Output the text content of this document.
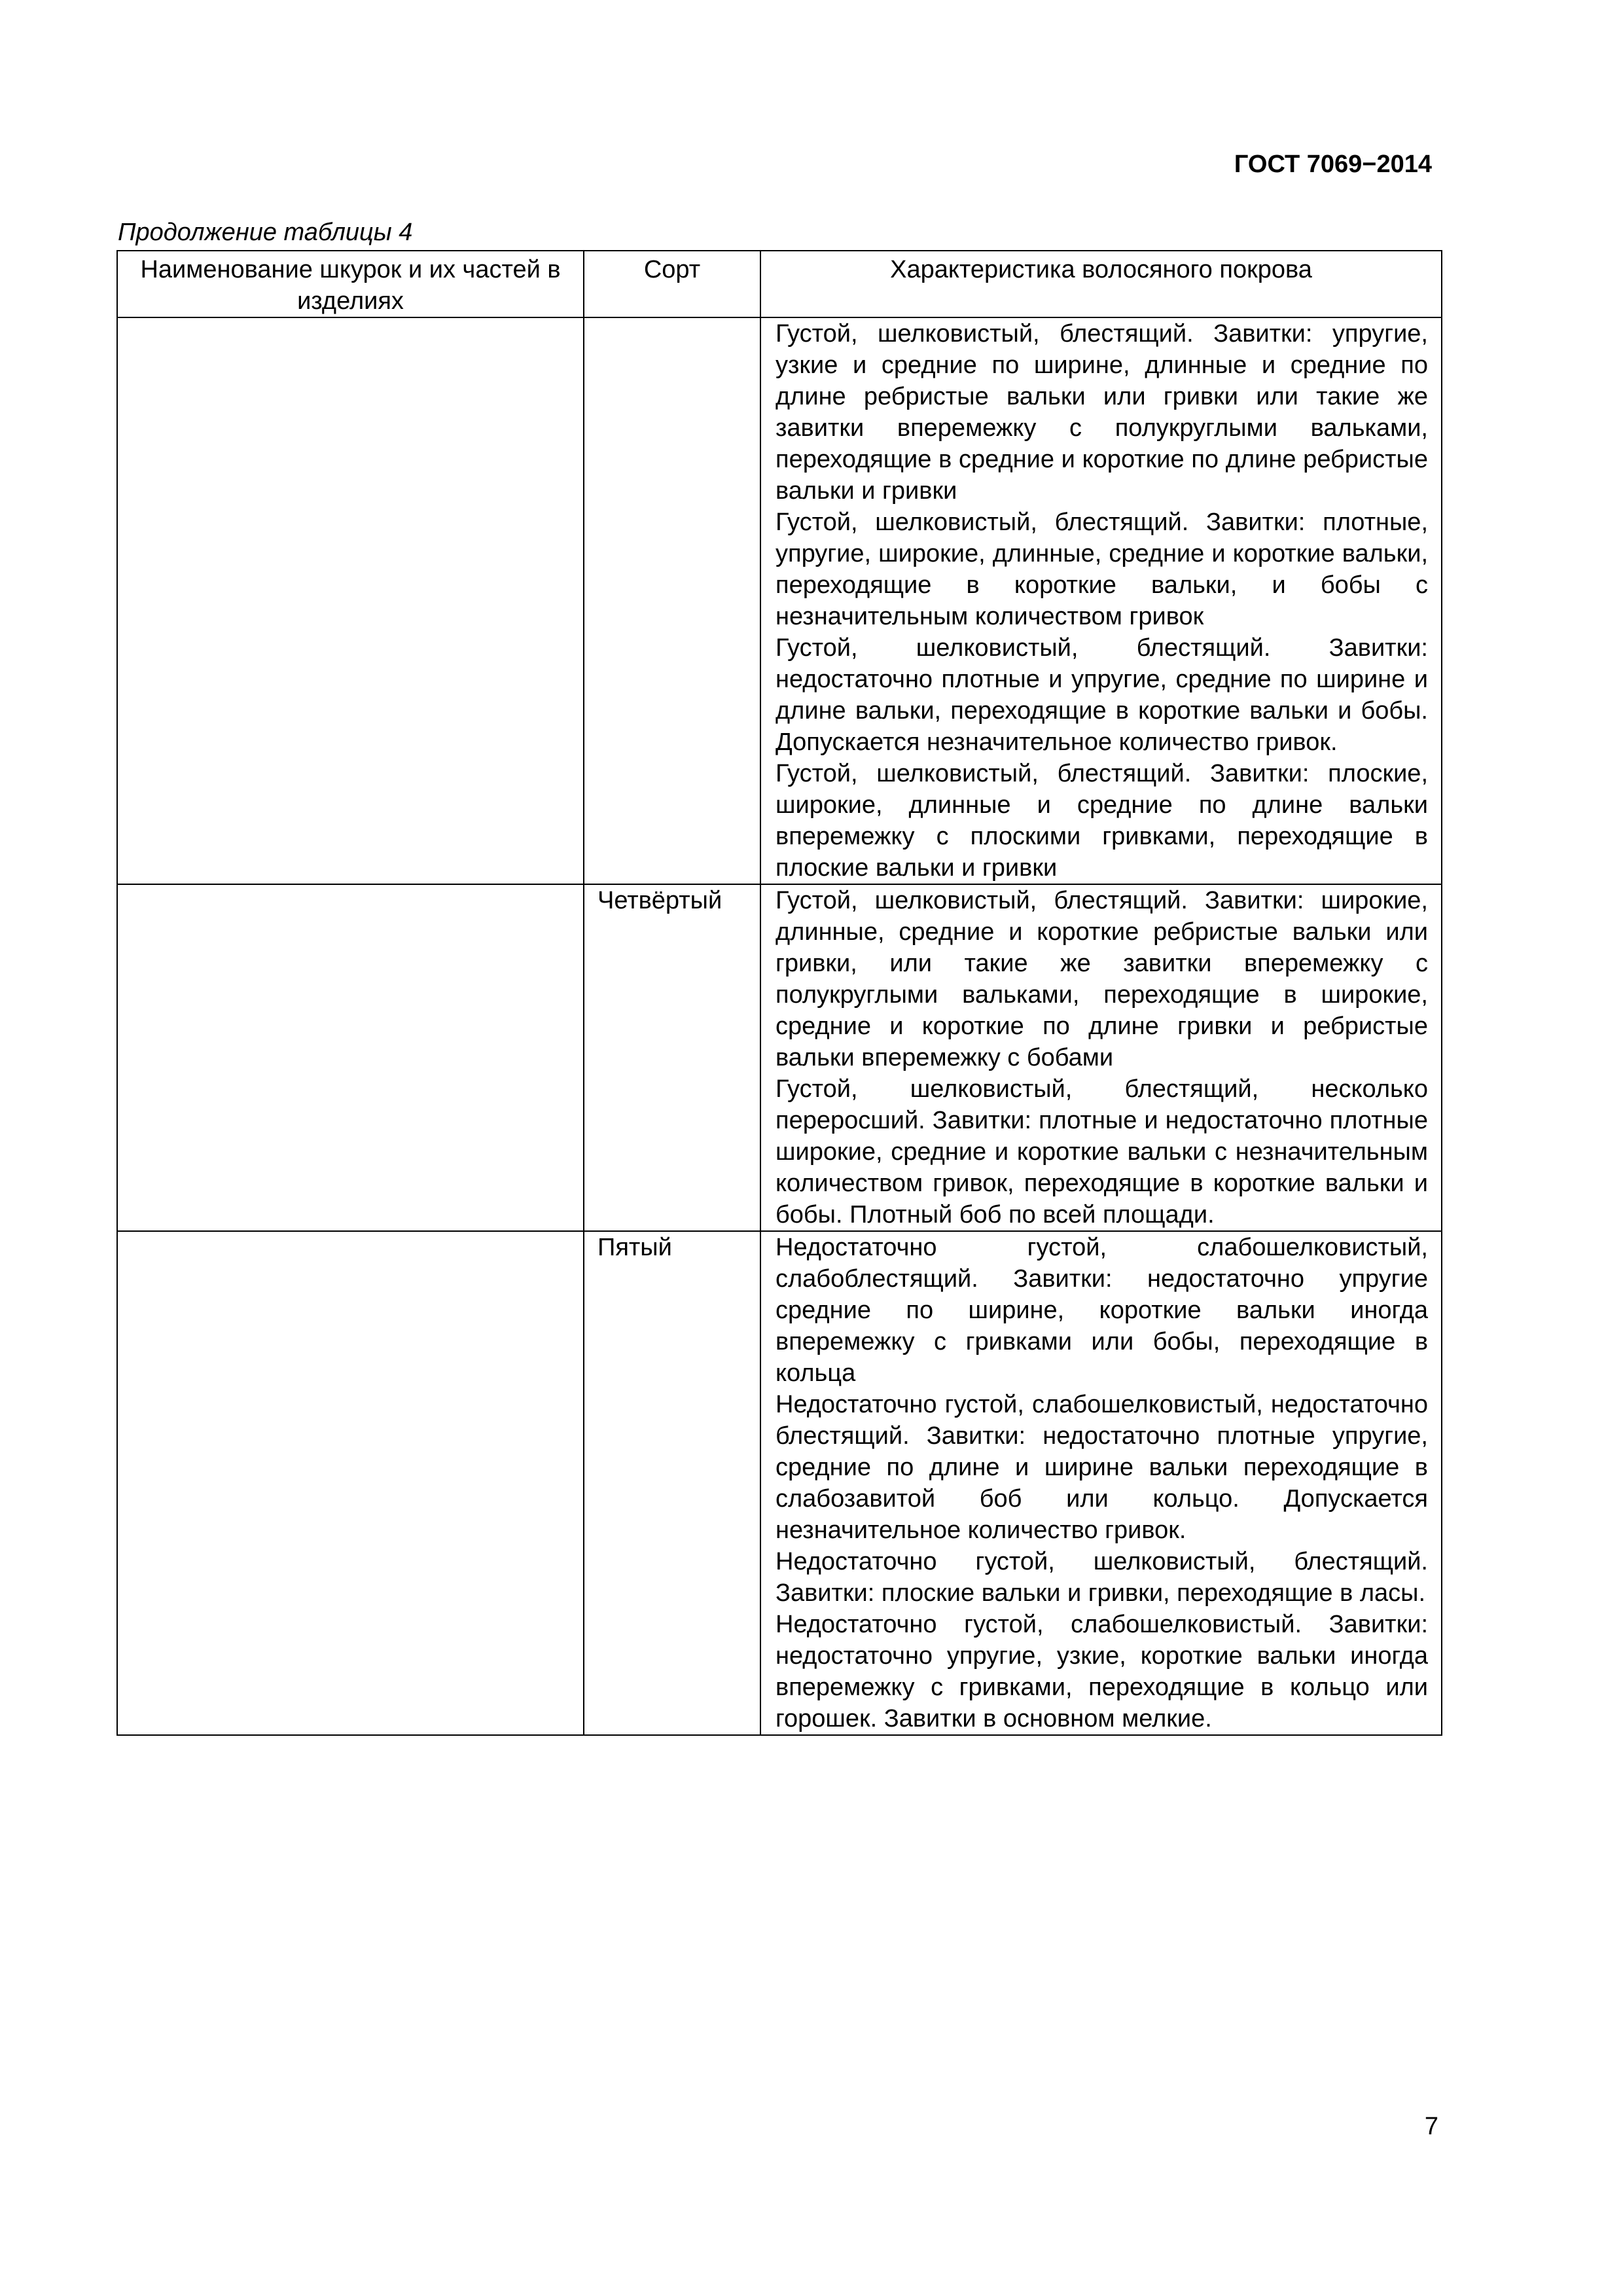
ГОСТ 7069−2014
Продолжение таблицы 4
Наименование шкурок и их частей в изделиях	Сорт	Характеристика волосяного покрова

		Густой, шелковистый, блестящий. Завитки: упругие, узкие и средние по ширине, длинные и средние по длине ребристые вальки или гривки или такие же завитки вперемежку с полукруглыми вальками, переходящие в средние и короткие по длине ребристые вальки и гривки
Густой, шелковистый, блестящий. Завитки: плотные, упругие, широкие, длинные, средние и короткие вальки, переходящие в короткие вальки, и бобы с незначительным количеством гривок
Густой, шелковистый, блестящий. Завитки: недостаточно плотные и упругие, средние по ширине и длине вальки, переходящие в короткие вальки и бобы. Допускается незначительное количество гривок.
Густой, шелковистый, блестящий. Завитки: плоские, широкие, длинные и средние по длине вальки вперемежку с плоскими гривками, переходящие в плоские вальки и гривки

	Четвёртый	Густой, шелковистый, блестящий. Завитки: широкие, длинные, средние и короткие ребристые вальки или гривки, или такие же завитки вперемежку с полукруглыми вальками, переходящие в широкие, средние и короткие по длине гривки и ребристые вальки вперемежку с бобами
Густой, шелковистый, блестящий, несколько переросший. Завитки: плотные и недостаточно плотные широкие, средние и короткие вальки с незначительным количеством гривок, переходящие в короткие вальки и бобы. Плотный боб по всей площади.

	Пятый	Недостаточно густой, слабошелковистый, слабоблестящий. Завитки: недостаточно упругие средние по ширине, короткие вальки иногда вперемежку с гривками или бобы, переходящие в кольца
Недостаточно густой, слабошелковистый, недостаточно блестящий. Завитки: недостаточно плотные упругие, средние по длине и ширине вальки переходящие в слабозавитой боб или кольцо. Допускается незначительное количество гривок.
Недостаточно густой, шелковистый, блестящий. Завитки: плоские вальки и гривки, переходящие в ласы.
Недостаточно густой, слабошелковистый. Завитки: недостаточно упругие, узкие, короткие вальки иногда вперемежку с гривками, переходящие в кольцо или горошек. Завитки в основном мелкие.
7
